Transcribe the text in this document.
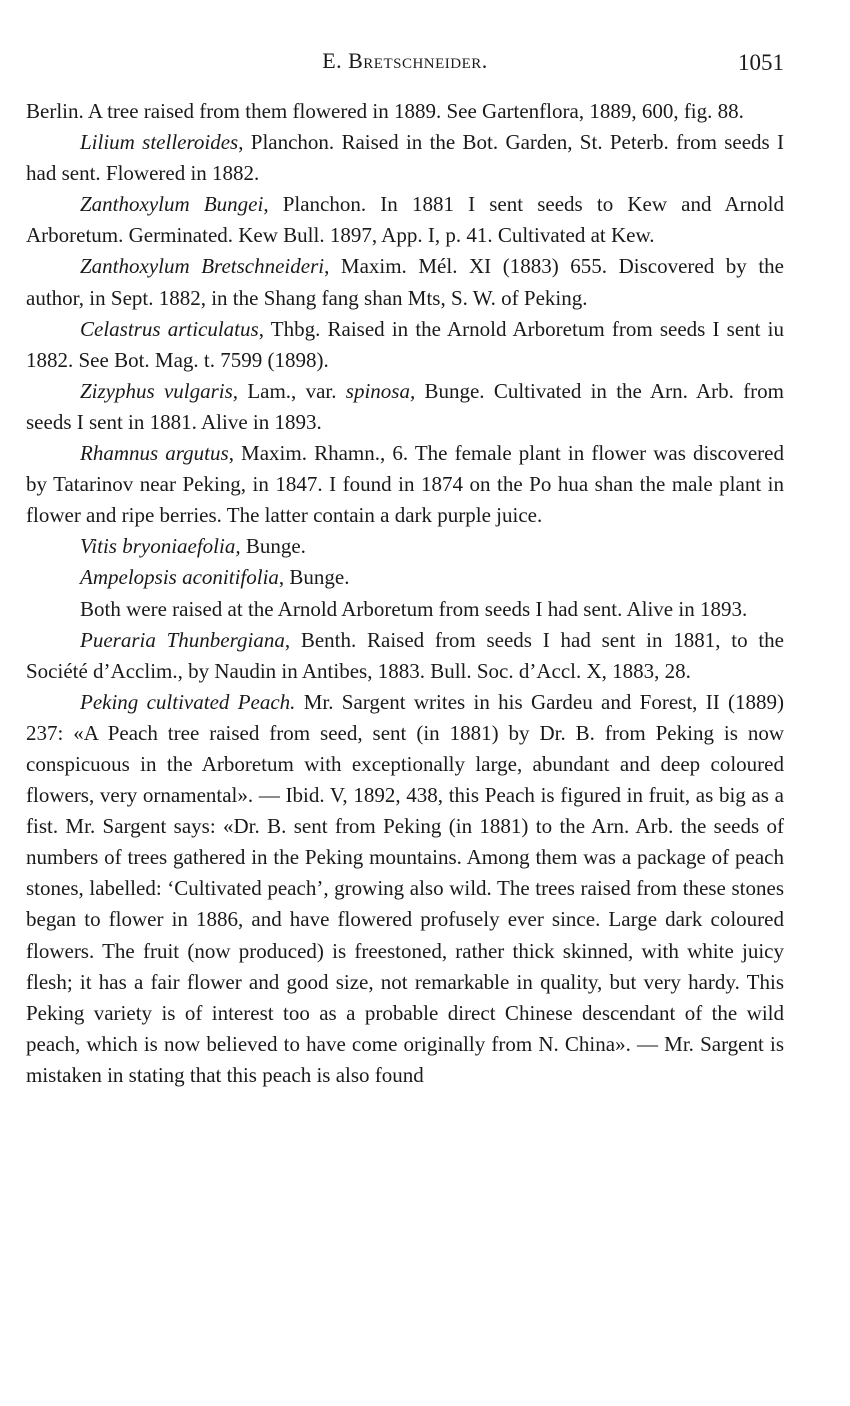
E. Bretschneider.	1051

Berlin. A tree raised from them flowered in 1889. See Gartenflora, 1889, 600, fig. 88.

Lilium stelleroides, Planchon. Raised in the Bot. Garden, St. Peterb. from seeds I had sent. Flowered in 1882.

Zanthoxylum Bungei, Planchon. In 1881 I sent seeds to Kew and Arnold Arboretum. Germinated. Kew Bull. 1897, App. I, p. 41. Cultivated at Kew.

Zanthoxylum Bretschneideri, Maxim. Mél. XI (1883) 655. Discovered by the author, in Sept. 1882, in the Shang fang shan Mts, S. W. of Peking.

Celastrus articulatus, Thbg. Raised in the Arnold Arboretum from seeds I sent iu 1882. See Bot. Mag. t. 7599 (1898).

Zizyphus vulgaris, Lam., var. spinosa, Bunge. Cultivated in the Arn. Arb. from seeds I sent in 1881. Alive in 1893.

Rhamnus argutus, Maxim. Rhamn., 6. The female plant in flower was discovered by Tatarinov near Peking, in 1847. I found in 1874 on the Po hua shan the male plant in flower and ripe berries. The latter contain a dark purple juice.

Vitis bryoniaefolia, Bunge.

Ampelopsis aconitifolia, Bunge.

Both were raised at the Arnold Arboretum from seeds I had sent. Alive in 1893.

Pueraria Thunbergiana, Benth. Raised from seeds I had sent in 1881, to the Société d’Acclim., by Naudin in Antibes, 1883. Bull. Soc. d’Accl. X, 1883, 28.

Peking cultivated Peach. Mr. Sargent writes in his Gardeu and Forest, II (1889) 237: «A Peach tree raised from seed, sent (in 1881) by Dr. B. from Peking is now conspicuous in the Arboretum with exceptionally large, abundant and deep coloured flowers, very ornamental». — Ibid. V, 1892, 438, this Peach is figured in fruit, as big as a fist. Mr. Sargent says: «Dr. B. sent from Peking (in 1881) to the Arn. Arb. the seeds of numbers of trees gathered in the Peking mountains. Among them was a package of peach stones, labelled: ‘Cultivated peach’, growing also wild. The trees raised from these stones began to flower in 1886, and have flowered profusely ever since. Large dark coloured flowers. The fruit (now produced) is freestoned, rather thick skinned, with white juicy flesh; it has a fair flower and good size, not remarkable in quality, but very hardy. This Peking variety is of interest too as a probable direct Chinese descendant of the wild peach, which is now believed to have come originally from N. China». — Mr. Sargent is mistaken in stating that this peach is also found
